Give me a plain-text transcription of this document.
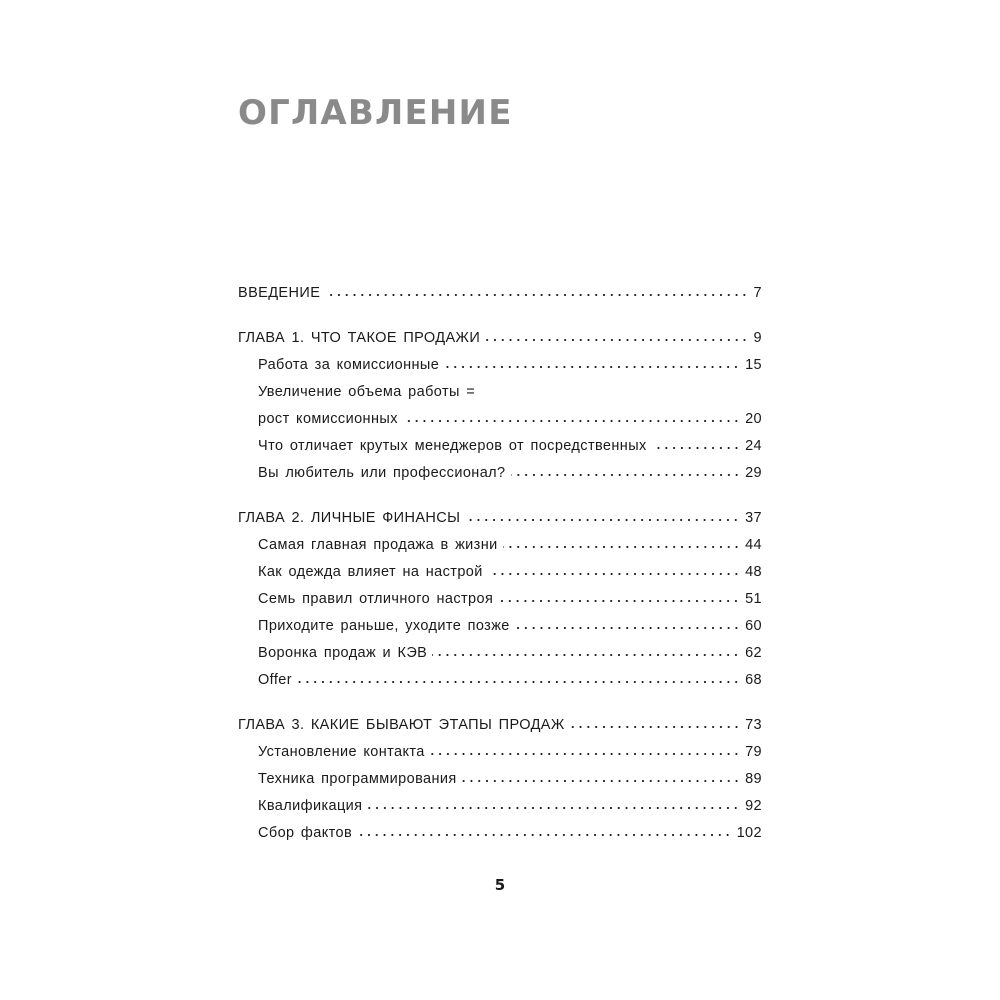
ОГЛАВЛЕНИЕ
ВВЕДЕНИЕ	7
ГЛАВА 1. ЧТО ТАКОЕ ПРОДАЖИ	9
Работа за комиссионные	15
Увеличение объема работы =
рост комиссионных	20
Что отличает крутых менеджеров от посредственных	24
Вы любитель или профессионал?	29
ГЛАВА 2. ЛИЧНЫЕ ФИНАНСЫ	37
Самая главная продажа в жизни	44
Как одежда влияет на настрой	48
Семь правил отличного настроя	51
Приходите раньше, уходите позже	60
Воронка продаж и КЭВ	62
Offer	68
ГЛАВА 3. КАКИЕ БЫВАЮТ ЭТАПЫ ПРОДАЖ	73
Установление контакта	79
Техника программирования	89
Квалификация	92
Сбор фактов	102
5
